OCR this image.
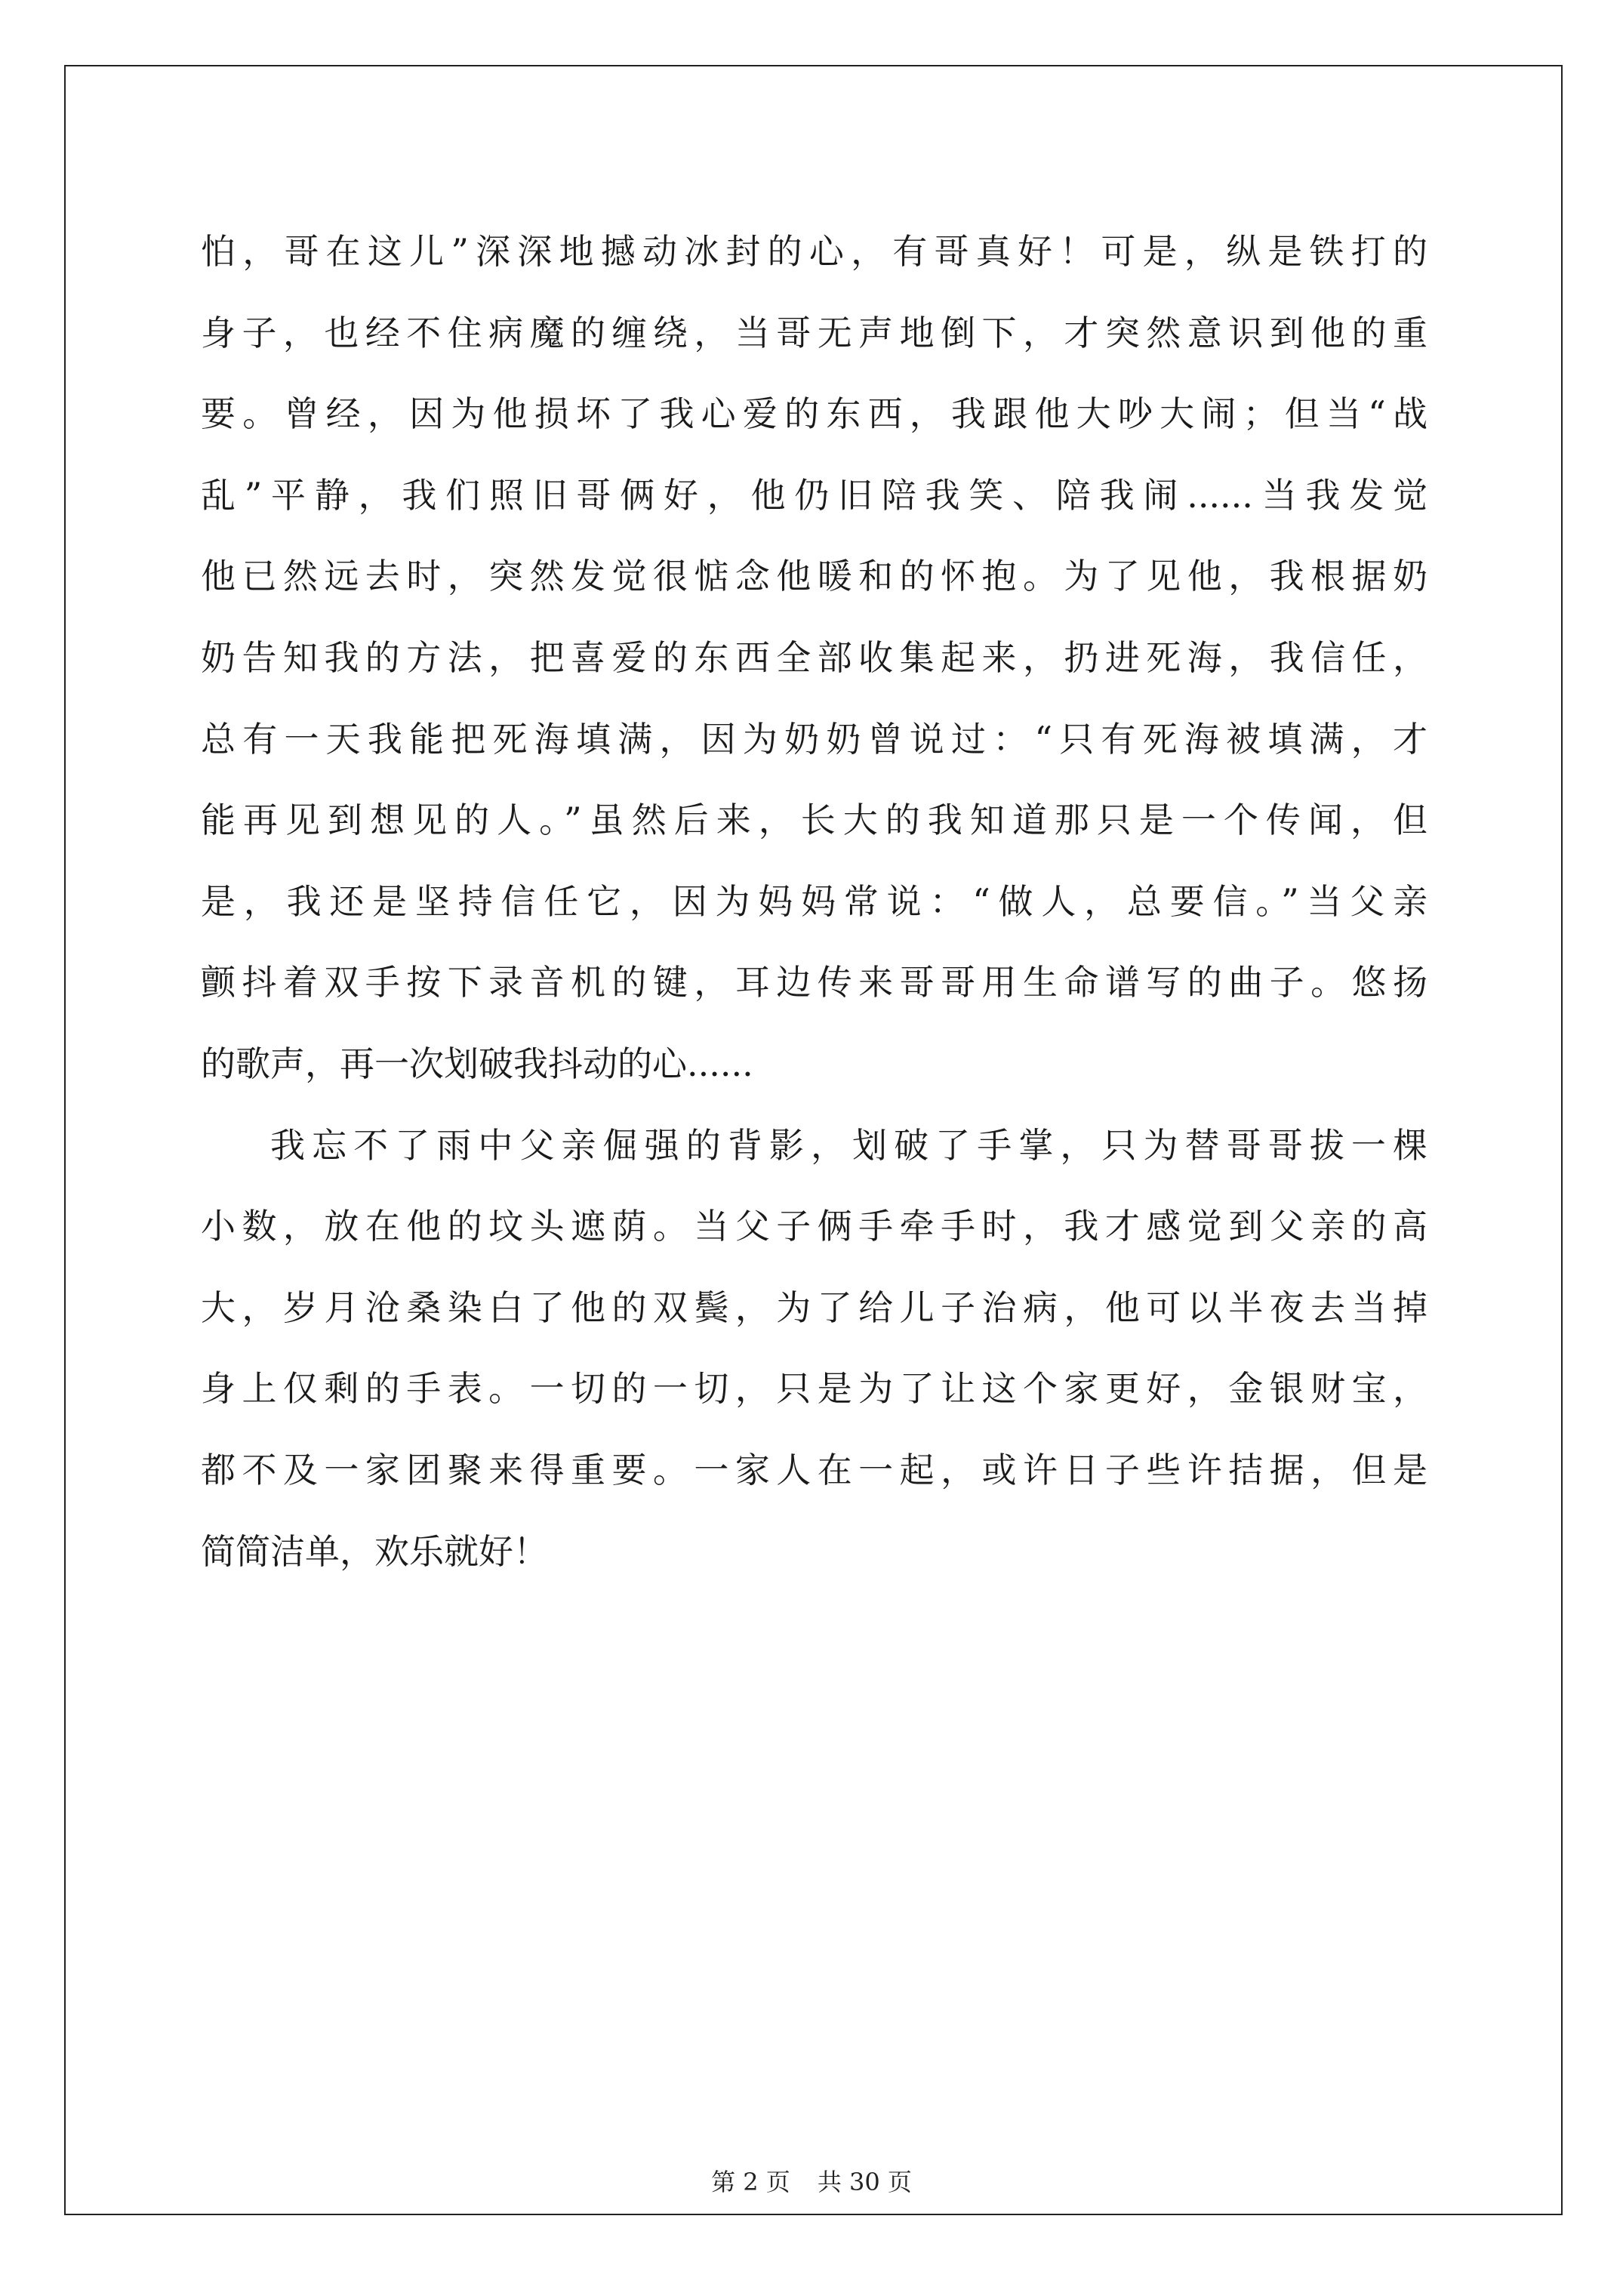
怕，哥在这儿”深深地撼动冰封的心，有哥真好！可是，纵是铁打的
身子，也经不住病魔的缠绕，当哥无声地倒下，才突然意识到他的重
要。曾经，因为他损坏了我心爱的东西，我跟他大吵大闹；但当“战
乱”平静，我们照旧哥俩好，他仍旧陪我笑、陪我闹......当我发觉
他已然远去时，突然发觉很惦念他暖和的怀抱。为了见他，我根据奶
奶告知我的方法，把喜爱的东西全部收集起来，扔进死海，我信任，
总有一天我能把死海填满，因为奶奶曾说过：“只有死海被填满，才
能再见到想见的人。”虽然后来，长大的我知道那只是一个传闻，但
是，我还是坚持信任它，因为妈妈常说：“做人，总要信。”当父亲
颤抖着双手按下录音机的键，耳边传来哥哥用生命谱写的曲子。悠扬
的歌声，再一次划破我抖动的心......
我忘不了雨中父亲倔强的背影，划破了手掌，只为替哥哥拔一棵
小数，放在他的坟头遮荫。当父子俩手牵手时，我才感觉到父亲的高
大，岁月沧桑染白了他的双鬓，为了给儿子治病，他可以半夜去当掉
身上仅剩的手表。一切的一切，只是为了让这个家更好，金银财宝，
都不及一家团聚来得重要。一家人在一起，或许日子些许拮据，但是
简简洁单，欢乐就好！
第 2 页 共 30 页
